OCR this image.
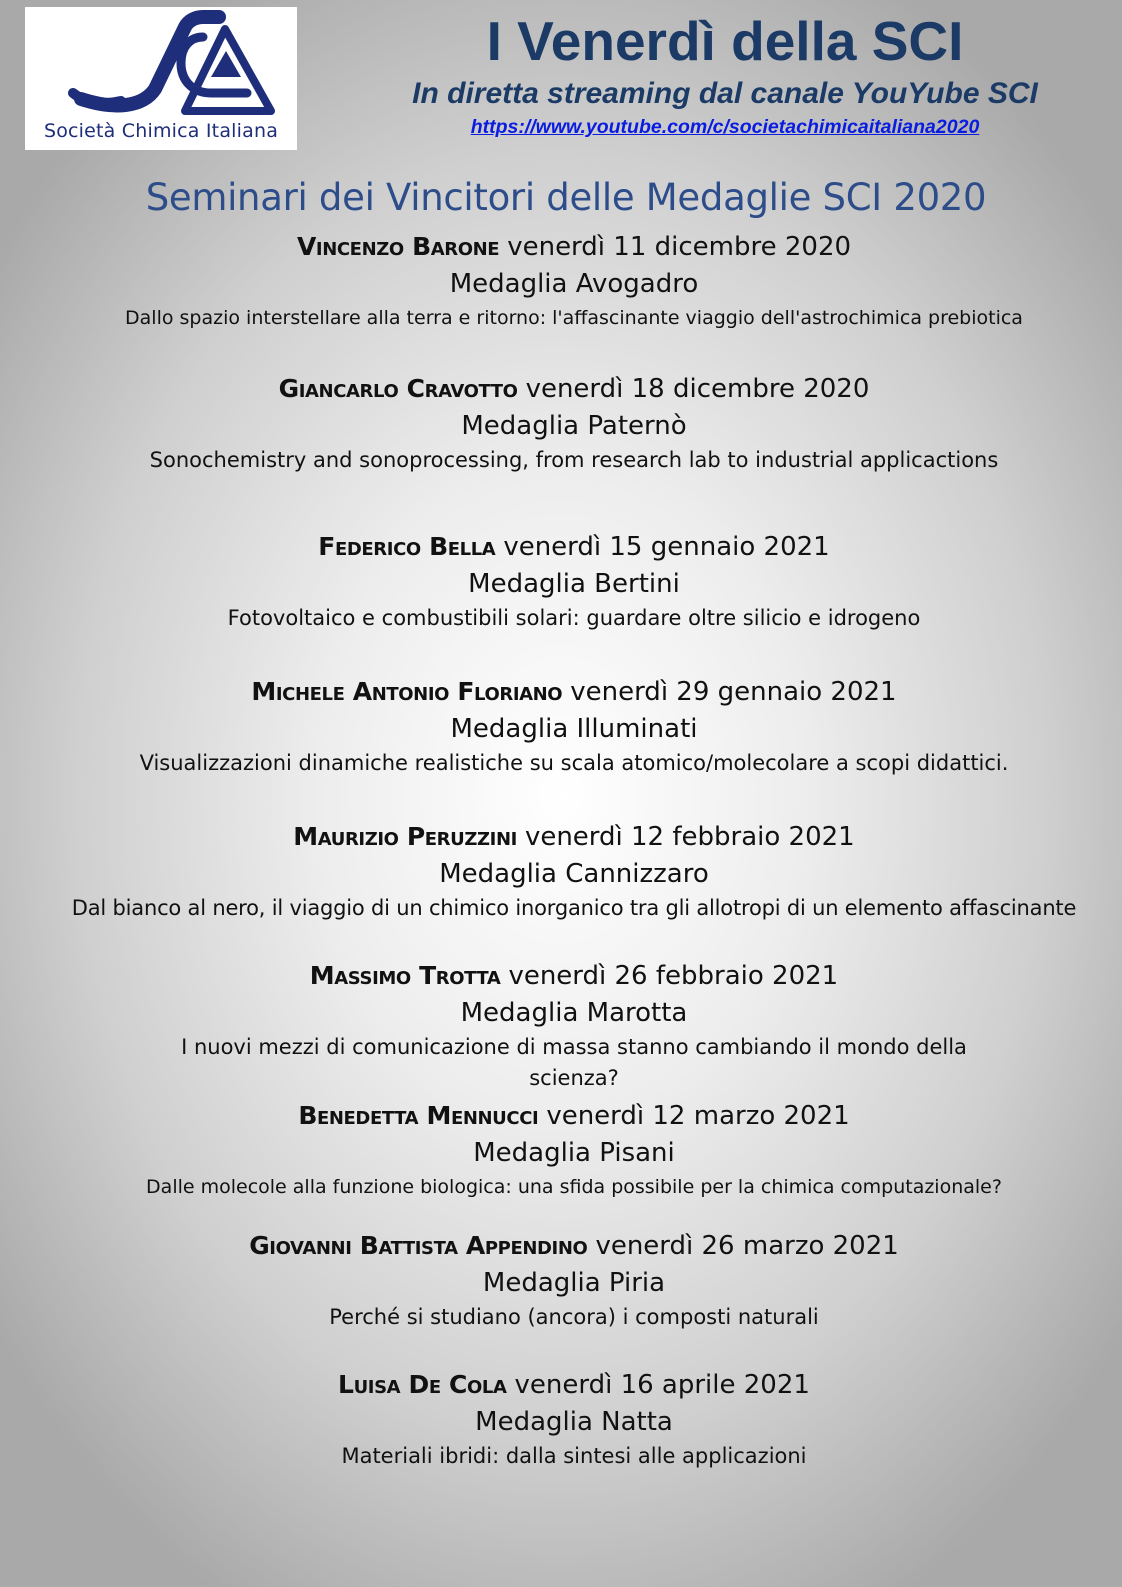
Società Chimica Italiana
I Venerdì della SCI
In diretta streaming dal canale YouYube SCI
https://www.youtube.com/c/societachimicaitaliana2020
Seminari dei Vincitori delle Medaglie SCI 2020
Vincenzo Barone venerdì 11 dicembre 2020
Medaglia Avogadro
Dallo spazio interstellare alla terra e ritorno: l'affascinante viaggio dell'astrochimica prebiotica
Giancarlo Cravotto venerdì 18 dicembre 2020
Medaglia Paternò
Sonochemistry and sonoprocessing, from research lab to industrial applicactions
Federico Bella venerdì 15 gennaio 2021
Medaglia Bertini
Fotovoltaico e combustibili solari: guardare oltre silicio e idrogeno
Michele Antonio Floriano venerdì 29 gennaio 2021
Medaglia Illuminati
Visualizzazioni dinamiche realistiche su scala atomico/molecolare a scopi didattici.
Maurizio Peruzzini venerdì 12 febbraio 2021
Medaglia Cannizzaro
Dal bianco al nero, il viaggio di un chimico inorganico tra gli allotropi di un elemento affascinante
Massimo Trotta venerdì 26 febbraio 2021
Medaglia Marotta
I nuovi mezzi di comunicazione di massa stanno cambiando il mondo della scienza?
Benedetta Mennucci venerdì 12 marzo 2021
Medaglia Pisani
Dalle molecole alla funzione biologica: una sfida possibile per la chimica computazionale?
Giovanni Battista Appendino venerdì 26 marzo 2021
Medaglia Piria
Perché si studiano (ancora) i composti naturali
Luisa De Cola venerdì 16 aprile 2021
Medaglia Natta
Materiali ibridi: dalla sintesi alle applicazioni
